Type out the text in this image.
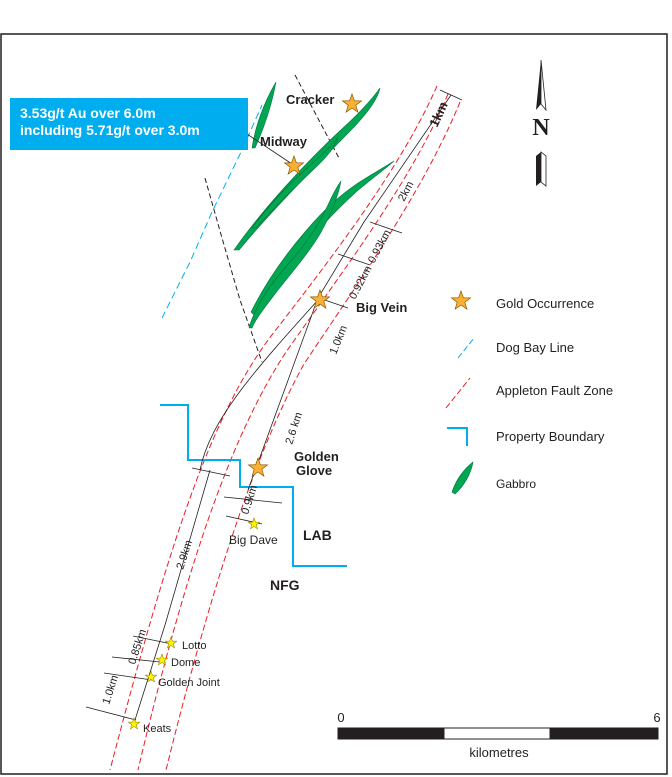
1km
2km
0.93km
0.92km
1.0km
2.6 km
0.9km
2.9km
0.85km
1.0km
Cracker
Midway
Big Vein
Golden
Glove
Big Dave
Lotto
Dome
Golden Joint
Keats
LAB
NFG
N
Gold Occurrence
Dog Bay Line
Appleton Fault Zone
Property Boundary
Gabbro
0	6
kilometres
3.53g/t Au over 6.0m
including 5.71g/t over 3.0m
